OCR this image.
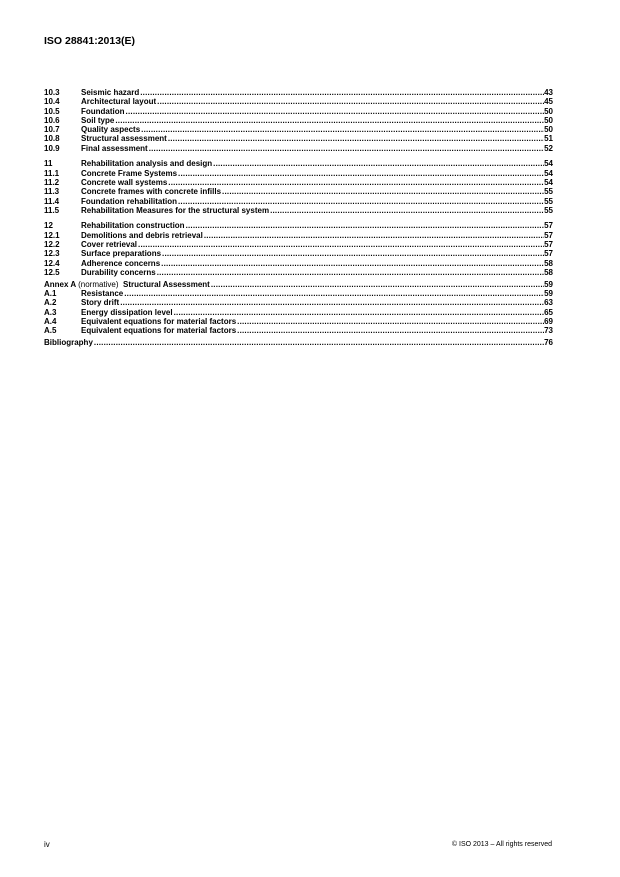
ISO 28841:2013(E)
10.3	Seismic hazard .....	43
10.4	Architectural layout .....	45
10.5	Foundation .....	50
10.6	Soil type .....	50
10.7	Quality aspects .....	50
10.8	Structural assessment .....	51
10.9	Final assessment .....	52
11	Rehabilitation analysis and design .....	54
11.1	Concrete Frame Systems .....	54
11.2	Concrete wall systems .....	54
11.3	Concrete frames with concrete infills .....	55
11.4	Foundation rehabilitation .....	55
11.5	Rehabilitation Measures for the structural system .....	55
12	Rehabilitation construction .....	57
12.1	Demolitions and debris retrieval .....	57
12.2	Cover retrieval .....	57
12.3	Surface preparations .....	57
12.4	Adherence concerns .....	58
12.5	Durability concerns .....	58
Annex A (normative) Structural Assessment .....	59
A.1	Resistance .....	59
A.2	Story drift .....	63
A.3	Energy dissipation level .....	65
A.4	Equivalent equations for material factors .....	69
A.5	Equivalent equations for material factors .....	73
Bibliography .....	76
iv	© ISO 2013 – All rights reserved
